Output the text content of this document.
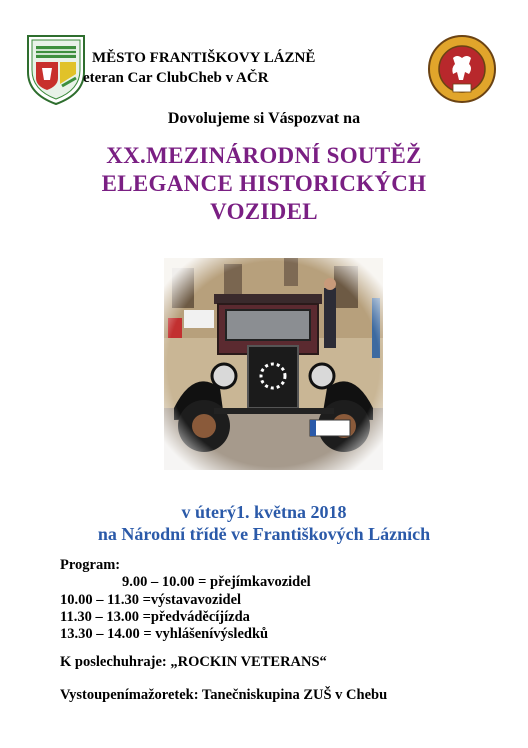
MĚSTO FRANTIŠKOVY LÁZNĚ
eteran Car ClubCheb v AČR
Dovolujeme si Váspozvat na
XX.MEZINÁRODNÍ SOUTĚŽ
ELEGANCE HISTORICKÝCH
VOZIDEL
v úterý1. května 2018
na Národní třídě ve Františkových Lázních
Program:
9.00 – 10.00 = přejímkavozidel
10.00 – 11.30 =výstavavozidel
11.30 – 13.00 =předváděcíjízda
13.30 – 14.00 = vyhlášenívýsledků
K poslechuhraje: „ROCKIN VETERANS“
Vystoupenímažoretek: Tanečniskupina ZUŠ v Chebu
